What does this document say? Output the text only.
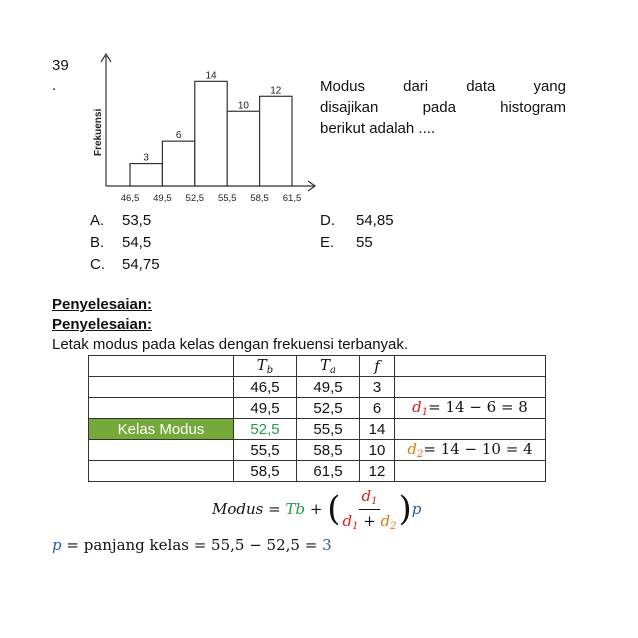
39
.
Frekuensi
3
6
14
10
12
46,5 49,5 52,5 55,5 58,5 61,5
Modus dari data yang
disajikan pada histogram
berikut adalah ....
A. 53,5
B. 54,5
C. 54,75
D. 54,85
E. 55
Penyelesaian:
Penyelesaian:
Letak modus pada kelas dengan frekuensi terbanyak.
	$T_b$	$T_a$	f	
	46,5	49,5	3	
	49,5	52,5	6	$d_1= 14 - 6 = 8$
Kelas Modus	52,5	55,5	14	
	55,5	58,5	10	$d_2= 14 - 10 = 4$
	58,5	61,5	12	
Modus = Tb + ( $\frac{d_1}{d_1 + d_2}$ ) p
p = panjang kelas = 55,5 − 52,5 = 3
